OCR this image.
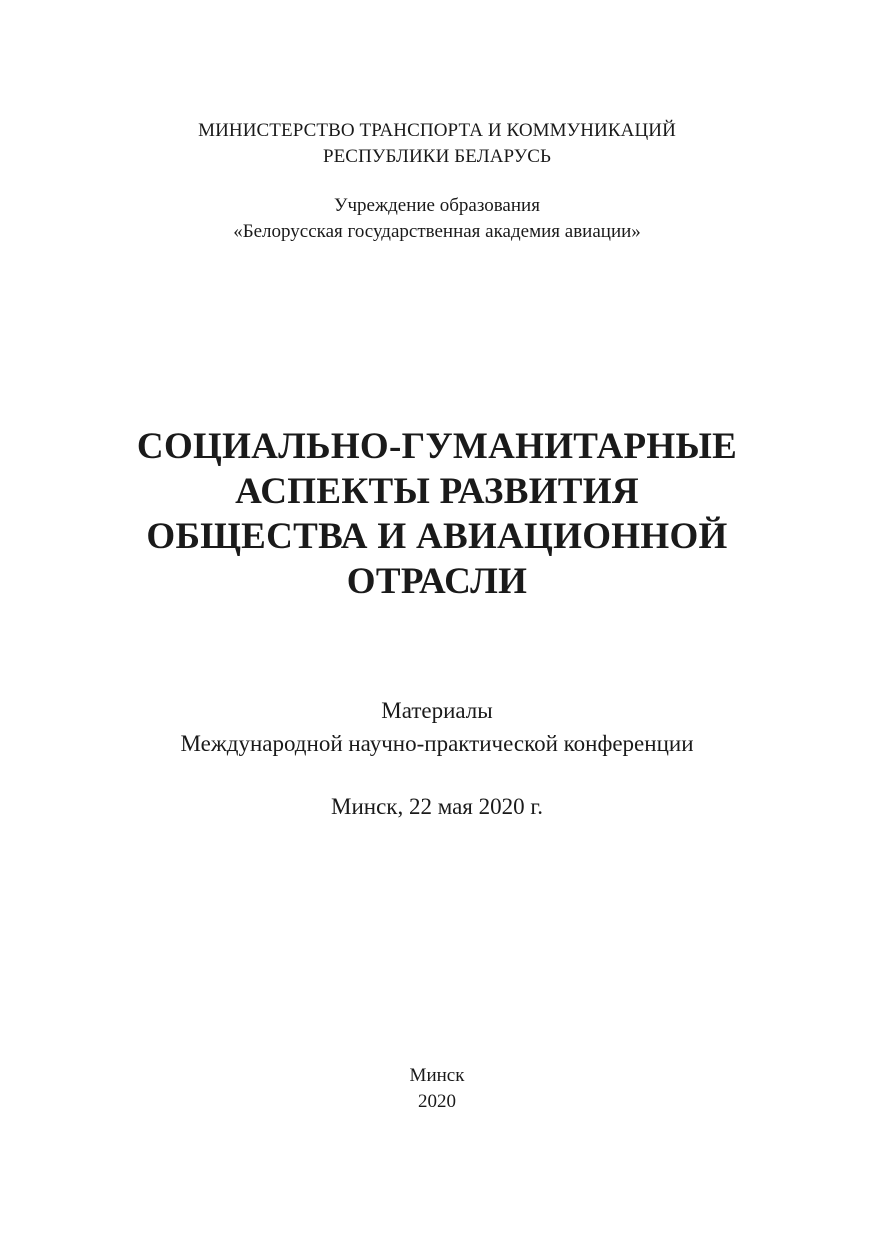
МИНИСТЕРСТВО ТРАНСПОРТА И КОММУНИКАЦИЙ
РЕСПУБЛИКИ БЕЛАРУСЬ
Учреждение образования
«Белорусская государственная академия авиации»
СОЦИАЛЬНО-ГУМАНИТАРНЫЕ
АСПЕКТЫ РАЗВИТИЯ
ОБЩЕСТВА И АВИАЦИОННОЙ
ОТРАСЛИ
Материалы
Международной научно-практической конференции
Минск, 22 мая 2020 г.
Минск
2020
